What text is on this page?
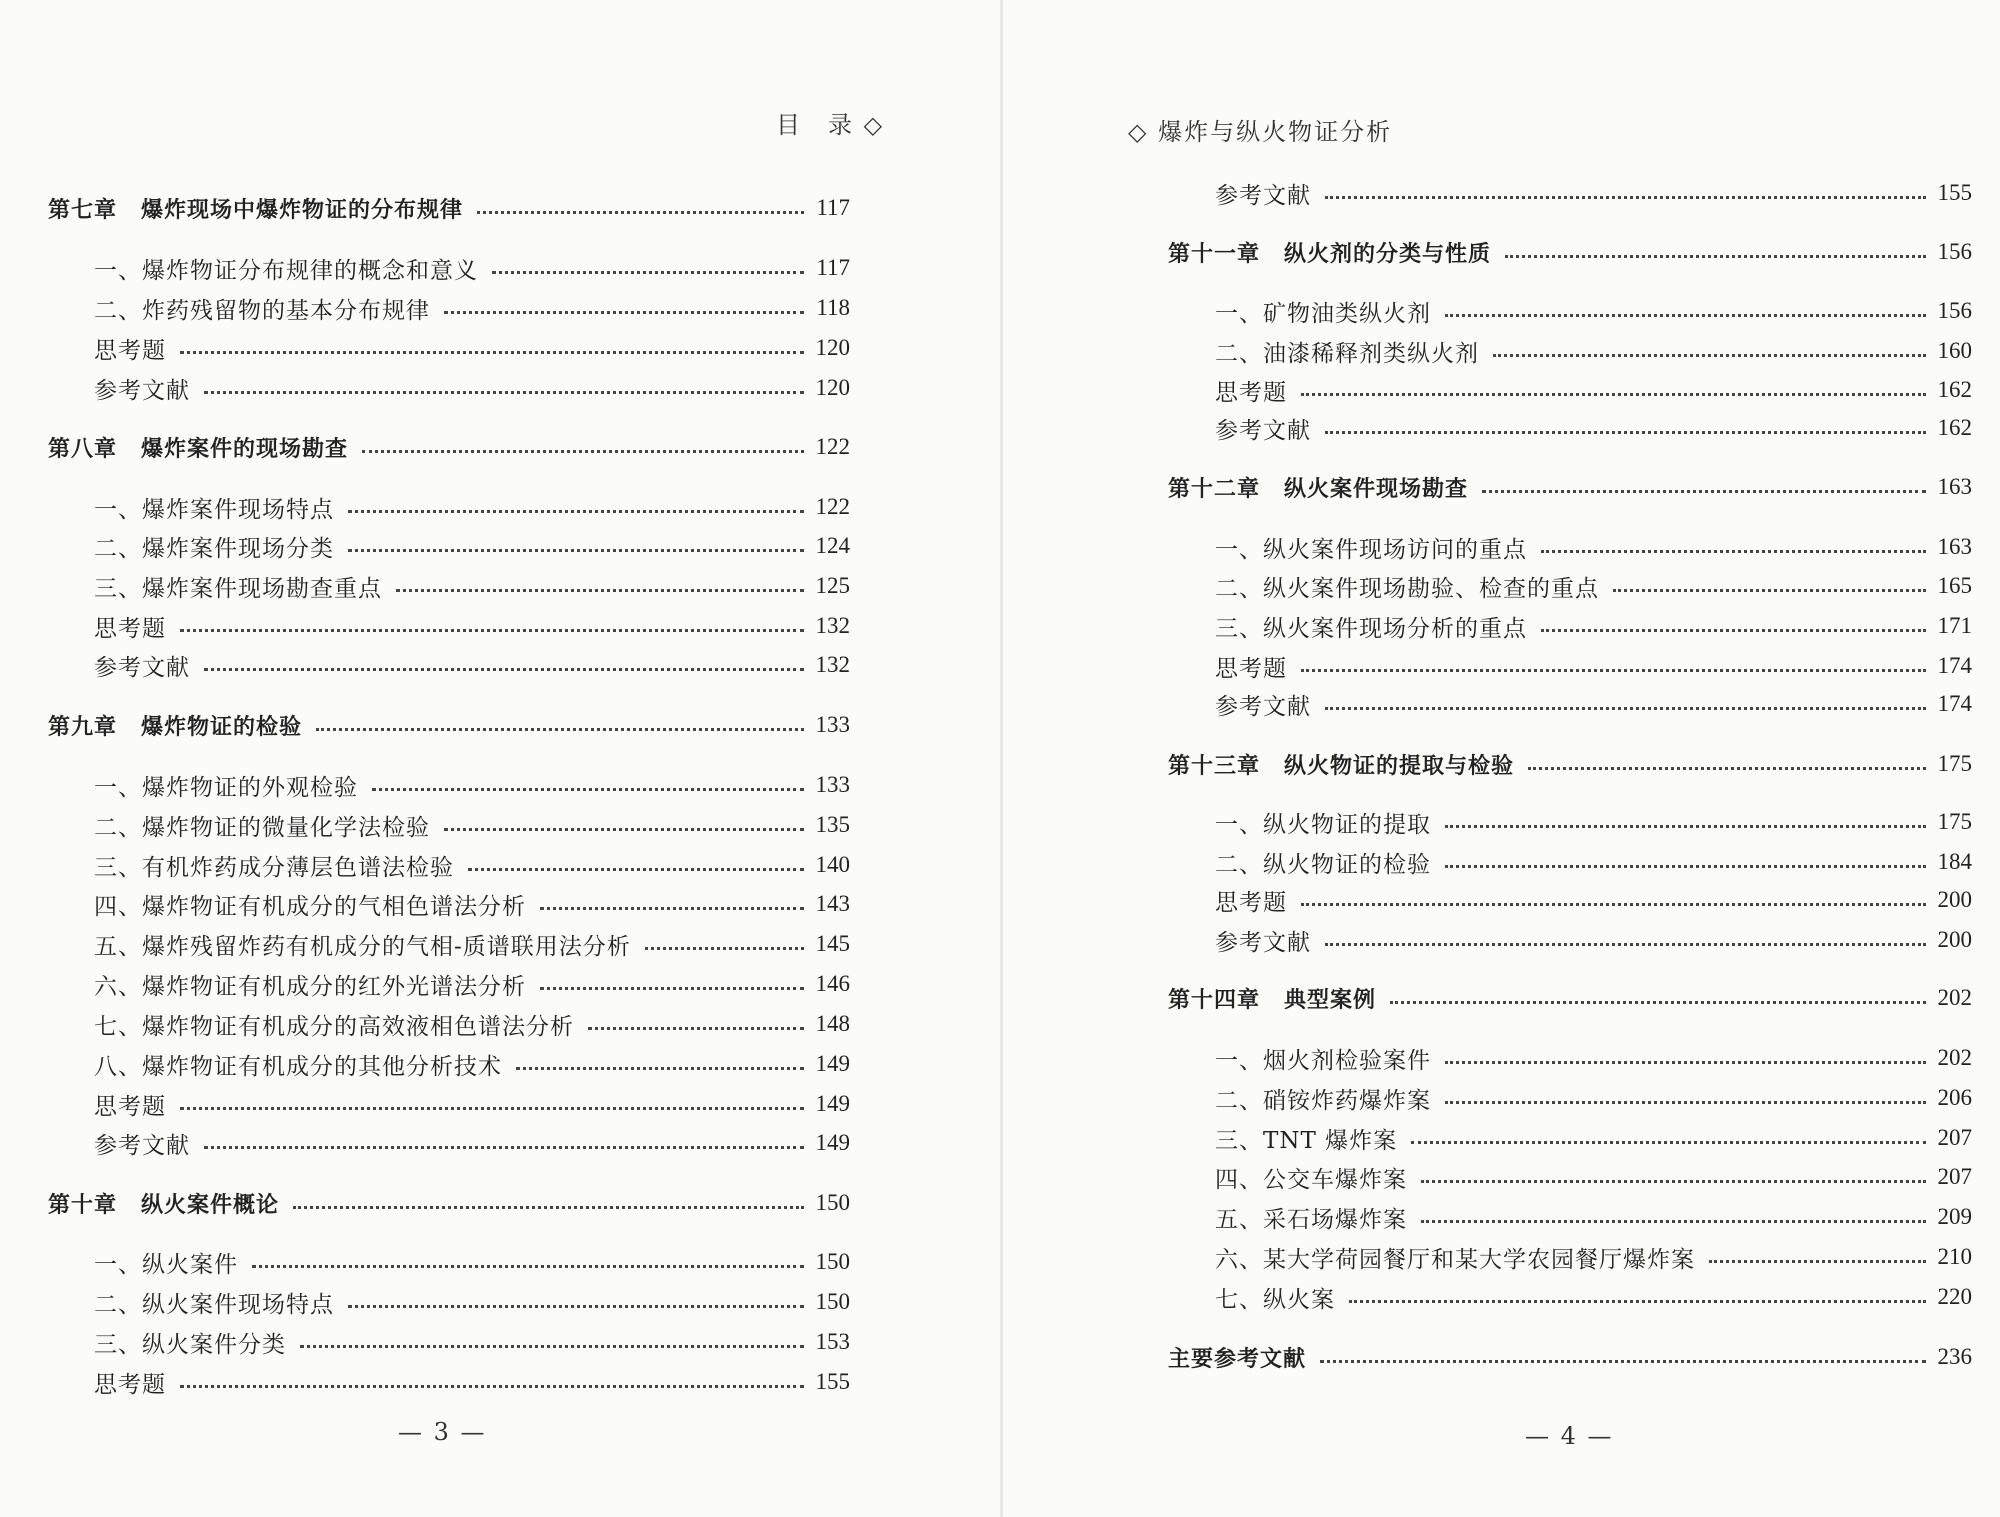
目　录 ◇
第七章 爆炸现场中爆炸物证的分布规律	117
一、爆炸物证分布规律的概念和意义	117
二、炸药残留物的基本分布规律	118
思考题	120
参考文献	120
第八章 爆炸案件的现场勘查	122
一、爆炸案件现场特点	122
二、爆炸案件现场分类	124
三、爆炸案件现场勘查重点	125
思考题	132
参考文献	132
第九章 爆炸物证的检验	133
一、爆炸物证的外观检验	133
二、爆炸物证的微量化学法检验	135
三、有机炸药成分薄层色谱法检验	140
四、爆炸物证有机成分的气相色谱法分析	143
五、爆炸残留炸药有机成分的气相-质谱联用法分析	145
六、爆炸物证有机成分的红外光谱法分析	146
七、爆炸物证有机成分的高效液相色谱法分析	148
八、爆炸物证有机成分的其他分析技术	149
思考题	149
参考文献	149
第十章 纵火案件概论	150
一、纵火案件	150
二、纵火案件现场特点	150
三、纵火案件分类	153
思考题	155
— 3 —
◇ 爆炸与纵火物证分析
参考文献	155
第十一章 纵火剂的分类与性质	156
一、矿物油类纵火剂	156
二、油漆稀释剂类纵火剂	160
思考题	162
参考文献	162
第十二章 纵火案件现场勘查	163
一、纵火案件现场访问的重点	163
二、纵火案件现场勘验、检查的重点	165
三、纵火案件现场分析的重点	171
思考题	174
参考文献	174
第十三章 纵火物证的提取与检验	175
一、纵火物证的提取	175
二、纵火物证的检验	184
思考题	200
参考文献	200
第十四章 典型案例	202
一、烟火剂检验案件	202
二、硝铵炸药爆炸案	206
三、TNT 爆炸案	207
四、公交车爆炸案	207
五、采石场爆炸案	209
六、某大学荷园餐厅和某大学农园餐厅爆炸案	210
七、纵火案	220
主要参考文献	236
— 4 —
